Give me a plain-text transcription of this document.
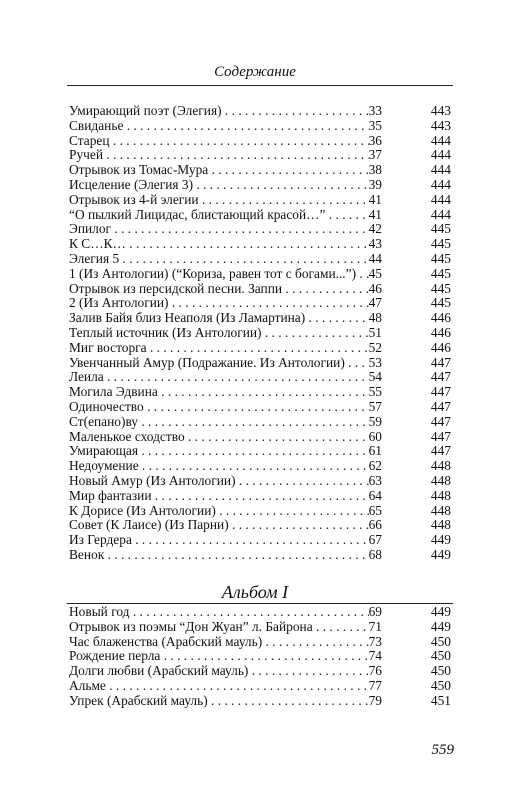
Содержание
Умирающий поэт (Элегия) . . .	33	443
Свиданье . . .	35	443
Старец . . .	36	444
Ручей . . .	37	444
Отрывок из Томас-Мура . . .	38	444
Исцеление (Элегия 3) . . .	39	444
Отрывок из 4-й элегии . . .	41	444
“О пылкий Лицидас, блистающий красой…” . . .	41	444
Эпилог . . .	42	445
К С…К… . . .	43	445
Элегия 5 . . .	44	445
1 (Из Антологии) (“Кориза, равен тот с богами...”) . . . 45	445
Отрывок из персидской песни. Заппи . . .	46	445
2 (Из Антологии) . . .	47	445
Залив Байя близ Неаполя (Из Ламартина) . . .	48	446
Теплый источник (Из Антологии) . . .	51	446
Миг восторга . . .	52	446
Увенчанный Амур (Подражание. Из Антологии) . . .	53	447
Леила . . .	54	447
Могила Эдвина . . .	55	447
Одиночество . . .	57	447
Ст(епано)ву . . .	59	447
Маленькое сходство . . .	60	447
Умирающая . . .	61	447
Недоумение . . .	62	448
Новый Амур (Из Антологии) . . .	63	448
Мир фантазии . . .	64	448
К Дорисе (Из Антологии) . . .	65	448
Совет (К Лаисе) (Из Парни) . . .	66	448
Из Гердера . . .	67	449
Венок . . .	68	449
Альбом I
Новый год . . .	69	449
Отрывок из поэмы “Дон Жуан” л. Байрона . . .	71	449
Час блаженства (Арабский мауль) . . .	73	450
Рождение перла . . .	74	450
Долги любви (Арабский мауль) . . .	76	450
Альме . . .	77	450
Упрек (Арабский мауль) . . .	79	451
559
